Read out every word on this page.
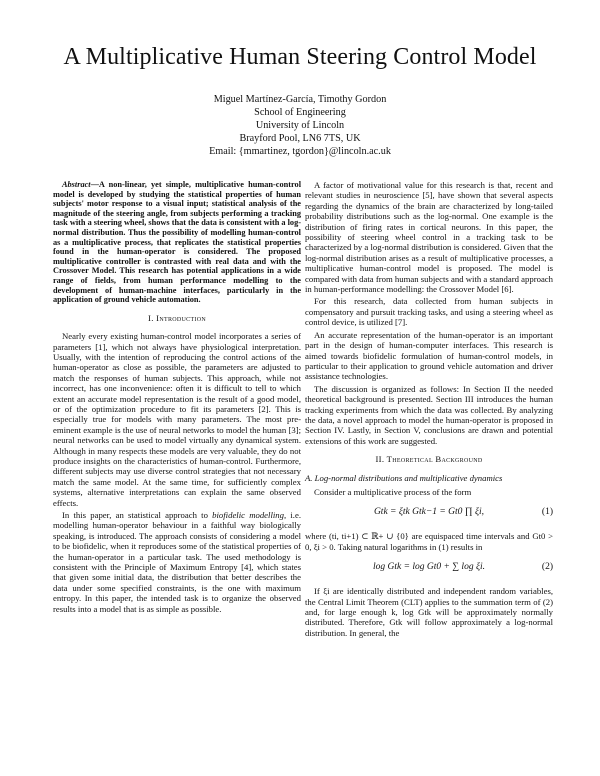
A Multiplicative Human Steering Control Model
Miguel Martínez-García, Timothy Gordon
School of Engineering
University of Lincoln
Brayford Pool, LN6 7TS, UK
Email: {mmartinez, tgordon}@lincoln.ac.uk

Abstract—A non-linear, yet simple, multiplicative human-control model is developed by studying the statistical properties of human subjects' motor response to a visual input; statistical analysis of the magnitude of the steering angle, from subjects performing a tracking task with a steering wheel, shows that the data is consistent with a log-normal distribution. Thus the possibility of modelling human-control as a multiplicative process, that replicates the statistical properties found in the human-operator is considered. The proposed multiplicative controller is contrasted with real data and with the Crossover Model. This research has potential applications in a wide range of fields, from human performance modelling to the development of human-machine interfaces, particularly in the application of ground vehicle automation.

I. Introduction

Nearly every existing human-control model incorporates a series of parameters [1], which not always have physiological interpretation. Usually, with the intention of reproducing the control actions of the human-operator as close as possible, the parameters are adjusted to match the responses of human subjects. This approach, while not incorrect, has one inconvenience: often it is difficult to tell to which extent an accurate model representation is the result of a good model, or of the optimization procedure to fit its parameters [2]. This is especially true for models with many parameters. The most pre-eminent example is the use of neural networks to model the human [3]; neural networks can be used to model virtually any dynamical system. Although in many respects these models are very valuable, they do not produce insights on the characteristics of human-control. Furthermore, different subjects may use diverse control strategies that not necessary match the same model. At the same time, for sufficiently complex systems, alternative interpretations can explain the same observed effects.

In this paper, an statistical approach to biofidelic modelling, i.e. modelling human-operator behaviour in a faithful way biologically speaking, is introduced. The approach consists of considering a model to be biofidelic, when it reproduces some of the statistical properties of the human-operator in a particular task. The used methodology is consistent with the Principle of Maximum Entropy [4], which states that given some initial data, the distribution that better describes the data under some specified constraints, is the one with maximum entropy. In this paper, the intended task is to organize the observed results into a model that is as simple as possible.

A factor of motivational value for this research is that, recent and relevant studies in neuroscience [5], have shown that several aspects regarding the dynamics of the brain are characterized by long-tailed probability distributions such as the log-normal. One example is the distribution of firing rates in cortical neurons. In this paper, the possibility of steering wheel control in a tracking task to be characterized by a log-normal distribution is considered. Given that the log-normal distribution arises as a result of multiplicative processes, a multiplicative human-control model is proposed. The model is compared with data from human subjects and with a standard approach in human-performance modelling: the Crossover Model [6].

For this research, data collected from human subjects in compensatory and pursuit tracking tasks, and using a steering wheel as control device, is utilized [7].

An accurate representation of the human-operator is an important part in the design of human-computer interfaces. This research is aimed towards biofidelic formulation of human-control models, in particular to their application to ground vehicle automation and driver assistance technologies.

The discussion is organized as follows: In Section II the needed theoretical background is presented. Section III introduces the human tracking experiments from which the data was collected. By analyzing the data, a novel approach to model the human-operator is proposed in Section IV. Lastly, in Section V, conclusions are drawn and potential extensions of this work are suggested.

II. Theoretical Background
A. Log-normal distributions and multiplicative dynamics

Consider a multiplicative process of the form

Gtk = ξtk Gtk−1 = Gt0 ∏ ξi,	(1)

where (ti, ti+1) ⊂ ℝ+ ∪ {0} are equispaced time intervals and Gt0 > 0, ξi > 0. Taking natural logarithms in (1) results in

log Gtk = log Gt0 + ∑ log ξi.	(2)

If ξi are identically distributed and independent random variables, the Central Limit Theorem (CLT) applies to the summation term of (2) and, for large enough k, log Gtk will be approximately normally distributed. Therefore, Gtk will follow approximately a log-normal distribution. In general, the
